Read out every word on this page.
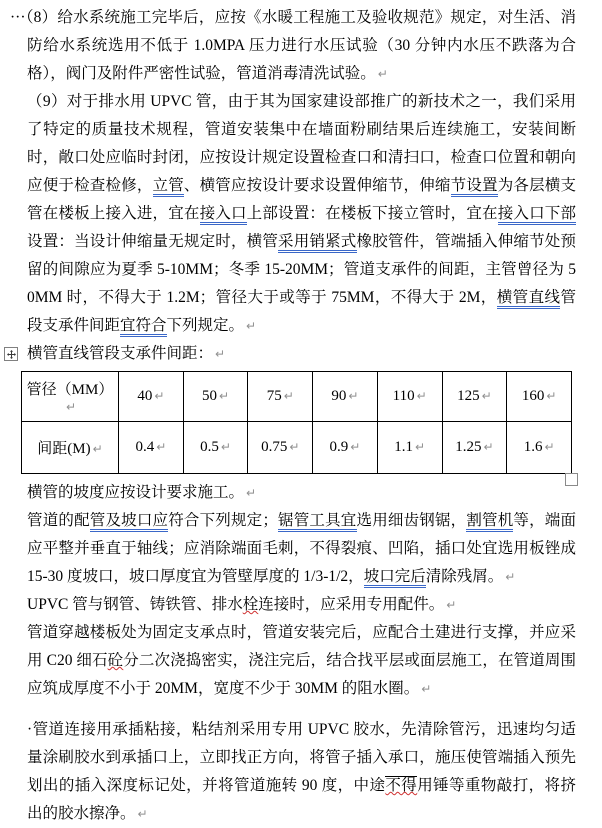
···（8）给水系统施工完毕后，应按《水暖工程施工及验收规范》规定，对生活、消防给水系统选用不低于 1.0MPA 压力进行水压试验（30 分钟内水压不跌落为合格），阀门及附件严密性试验，管道消毒清洗试验。 ↵

（9）对于排水用 UPVC 管，由于其为国家建设部推广的新技术之一，我们采用了特定的质量技术规程，管道安装集中在墙面粉刷结果后连续施工，安装间断时，敞口处应临时封闭，应按设计规定设置检查口和清扫口，检查口位置和朝向应便于检查检修，立管、横管应按设计要求设置伸缩节，伸缩节设置为各层横支管在楼板上接入进，宜在接入口上部设置：在楼板下接立管时，宜在接入口下部设置：当设计伸缩量无规定时，横管采用销紧式橡胶管件，管端插入伸缩节处预留的间隙应为夏季 5-10MM；冬季 15-20MM；管道支承件的间距，主管曾径为 50MM 时，不得大于 1.2M；管径大于或等于 75MM，不得大于 2M，横管直线管段支承件间距宜符合下列规定。 ↵

横管直线管段支承件间距： ↵

管径（MM）↵	40 ↵	50 ↵	75 ↵	90 ↵	110 ↵	125 ↵	160 ↵
间距(M) ↵	0.4 ↵	0.5 ↵	0.75 ↵	0.9 ↵	1.1 ↵	1.25 ↵	1.6 ↵

横管的坡度应按设计要求施工。 ↵

管道的配管及坡口应符合下列规定；锯管工具宜选用细齿钢锯，割管机等，端面应平整并垂直于轴线；应消除端面毛刺，不得裂痕、凹陷，插口处宜选用板锉成 15-30 度坡口，坡口厚度宜为管壁厚度的 1/3-1/2，坡口完后清除残屑。 ↵

UPVC 管与钢管、铸铁管、排水栓连接时，应采用专用配件。 ↵

管道穿越楼板处为固定支承点时，管道安装完后，应配合土建进行支撑，并应采用 C20 细石砼分二次浇捣密实，浇注完后，结合找平层或面层施工，在管道周围应筑成厚度不小于 20MM，宽度不少于 30MM 的阻水圈。 ↵

·管道连接用承插粘接，粘结剂采用专用 UPVC 胶水，先清除管污，迅速均匀适量涂刷胶水到承插口上，立即找正方向，将管子插入承口，施压使管端插入预先划出的插入深度标记处，并将管道施转 90 度，中途不得用锤等重物敲打，将挤出的胶水擦净。 ↵
